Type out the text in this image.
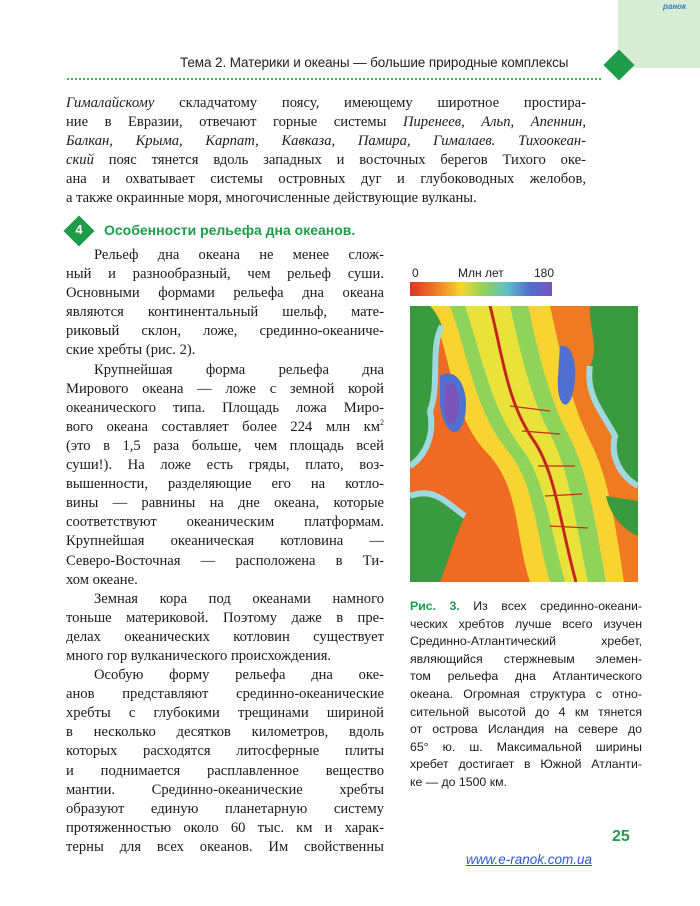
ранок
Тема 2. Материки и океаны — большие природные комплексы
Гималайскому складчатому поясу, имеющему широтное простира-
ние в Евразии, отвечают горные системы Пиренеев, Альп, Апеннин,
Балкан, Крыма, Карпат, Кавказа, Памира, Гималаев. Тихоокеан-
ский пояс тянется вдоль западных и восточных берегов Тихого оке-
ана и охватывает системы островных дуг и глубоководных желобов,
а также окраинные моря, многочисленные действующие вулканы.
4	Особенности рельефа дна океанов.
Рельеф дна океана не менее слож-
ный и разнообразный, чем рельеф суши.
Основными формами рельефа дна океана
являются континентальный шельф, мате-
риковый склон, ложе, срединно-океаниче-
ские хребты (рис. 2).
Крупнейшая форма рельефа дна
Мирового океана — ложе с земной корой
океанического типа. Площадь ложа Миро-
вого океана составляет более 224 млн $км^2$
(это в 1,5 раза больше, чем площадь всей
суши!). На ложе есть гряды, плато, воз-
вышенности, разделяющие его на котло-
вины — равнины на дне океана, которые
соответствуют океаническим платформам.
Крупнейшая океаническая котловина —
Северо-Восточная — расположена в Ти-
хом океане.
Земная кора под океанами намного
тоньше материковой. Поэтому даже в пре-
делах океанических котловин существует
много гор вулканического происхождения.
Особую форму рельефа дна оке-
анов представляют срединно-океанические
хребты с глубокими трещинами шириной
в несколько десятков километров, вдоль
которых расходятся литосферные плиты
и поднимается расплавленное вещество
мантии. Срединно-океанические хребты
образуют единую планетарную систему
протяженностью около 60 тыс. км и харак-
терны для всех океанов. Им свойственны
0	Млн лет	180
Рис. 3. Из всех срединно-океани-
ческих хребтов лучше всего изучен
Срединно-Атлантический хребет,
являющийся стержневым элемен-
том рельефа дна Атлантического
океана. Огромная структура с отно-
сительной высотой до 4 км тянется
от острова Исландия на севере до
65° ю. ш. Максимальной ширины
хребет достигает в Южной Атланти-
ке — до 1500 км.
25
www.e-ranok.com.ua
